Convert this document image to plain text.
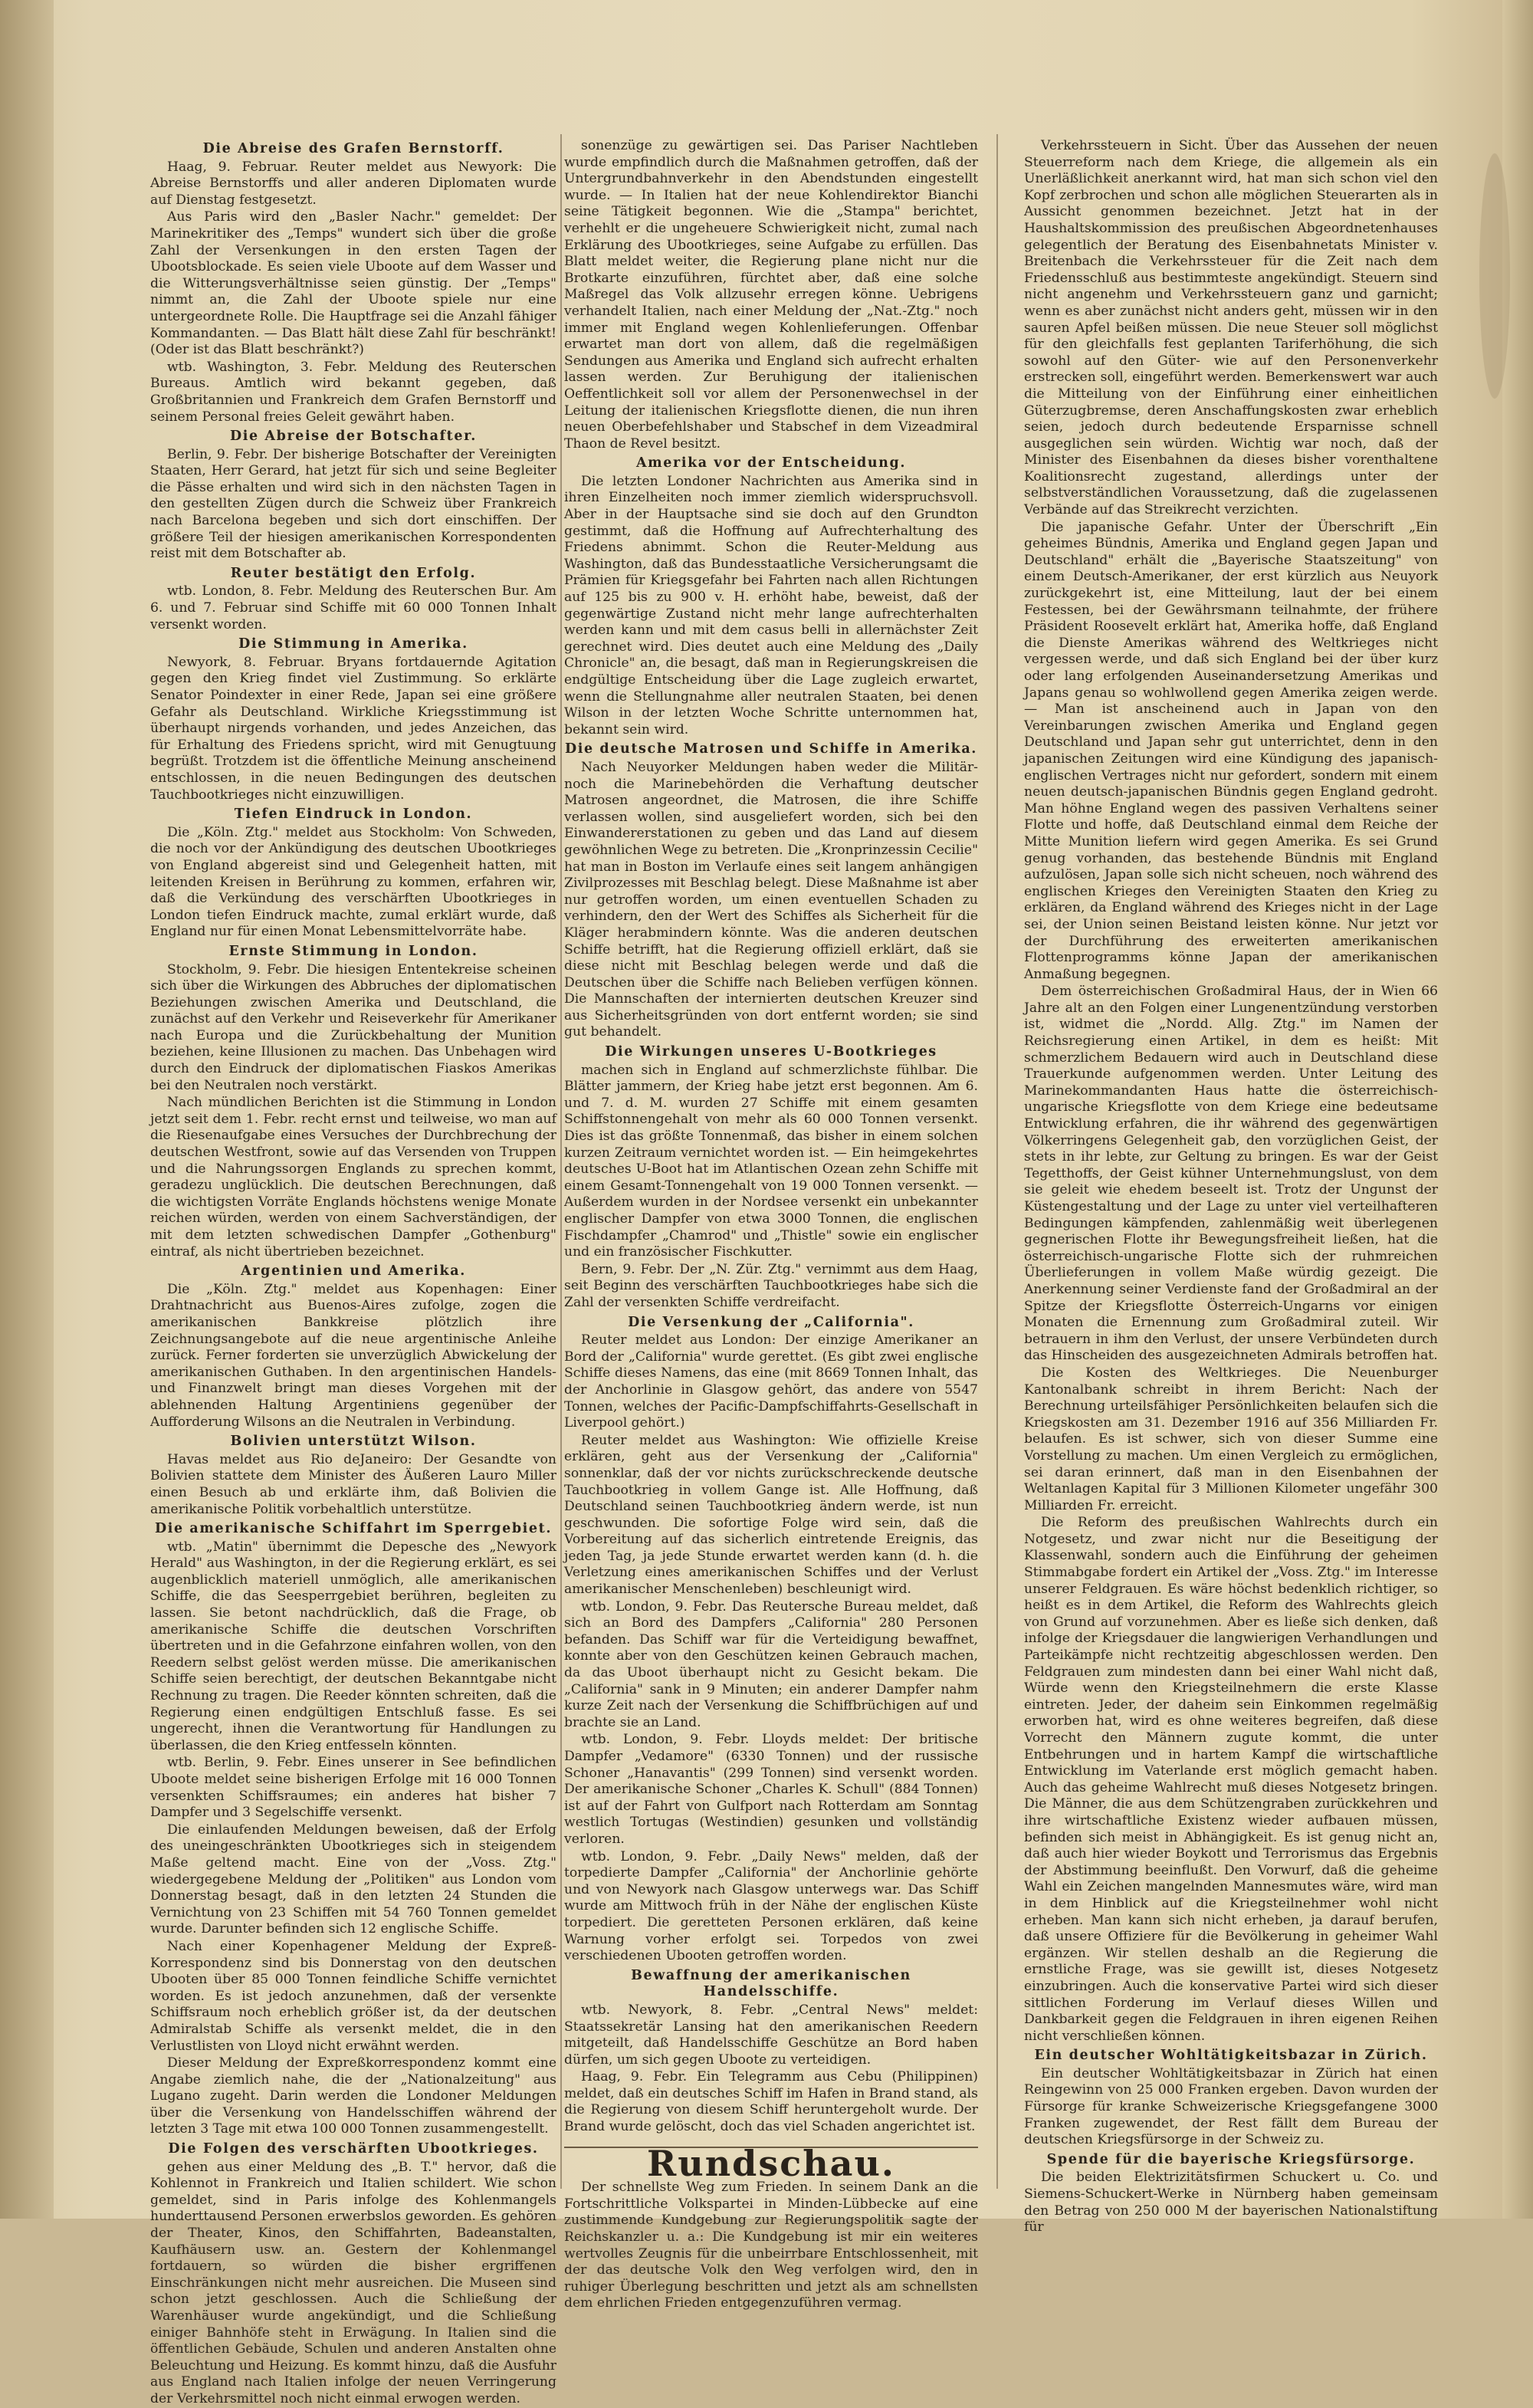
Die Abreise des Grafen Bernstorff.
Haag, 9. Februar. Reuter meldet aus Newyork: Die Abreise Bernstorffs und aller anderen Diplomaten wurde auf Dienstag festgesetzt.
Aus Paris wird den „Basler Nachr." gemeldet: Der Marinekritiker des „Temps" wundert sich über die große Zahl der Versenkungen in den ersten Tagen der Ubootsblockade. Es seien viele Uboote auf dem Wasser und die Witterungsverhältnisse seien günstig. Der „Temps" nimmt an, die Zahl der Uboote spiele nur eine untergeordnete Rolle. Die Hauptfrage sei die Anzahl fähiger Kommandanten. — Das Blatt hält diese Zahl für beschränkt! (Oder ist das Blatt beschränkt?)
wtb. Washington, 3. Febr. Meldung des Reuterschen Bureaus. Amtlich wird bekannt gegeben, daß Großbritannien und Frankreich dem Grafen Bernstorff und seinem Personal freies Geleit gewährt haben.
Die Abreise der Botschafter.
Berlin, 9. Febr. Der bisherige Botschafter der Vereinigten Staaten, Herr Gerard, hat jetzt für sich und seine Begleiter die Pässe erhalten und wird sich in den nächsten Tagen in den gestellten Zügen durch die Schweiz über Frankreich nach Barcelona begeben und sich dort einschiffen. Der größere Teil der hiesigen amerikanischen Korrespondenten reist mit dem Botschafter ab.
Reuter bestätigt den Erfolg.
wtb. London, 8. Febr. Meldung des Reuterschen Bur. Am 6. und 7. Februar sind Schiffe mit 60 000 Tonnen Inhalt versenkt worden.
Die Stimmung in Amerika.
Newyork, 8. Februar. Bryans fortdauernde Agitation gegen den Krieg findet viel Zustimmung. So erklärte Senator Poindexter in einer Rede, Japan sei eine größere Gefahr als Deutschland. Wirkliche Kriegsstimmung ist überhaupt nirgends vorhanden, und jedes Anzeichen, das für Erhaltung des Friedens spricht, wird mit Genugtuung begrüßt. Trotzdem ist die öffentliche Meinung anscheinend entschlossen, in die neuen Bedingungen des deutschen Tauchbootkrieges nicht einzuwilligen.
Tiefen Eindruck in London.
Die „Köln. Ztg." meldet aus Stockholm: Von Schweden, die noch vor der Ankündigung des deutschen Ubootkrieges von England abgereist sind und Gelegenheit hatten, mit leitenden Kreisen in Berührung zu kommen, erfahren wir, daß die Verkündung des verschärften Ubootkrieges in London tiefen Eindruck machte, zumal erklärt wurde, daß England nur für einen Monat Lebensmittelvorräte habe.
Ernste Stimmung in London.
Stockholm, 9. Febr. Die hiesigen Ententekreise scheinen sich über die Wirkungen des Abbruches der diplomatischen Beziehungen zwischen Amerika und Deutschland, die zunächst auf den Verkehr und Reiseverkehr für Amerikaner nach Europa und die Zurückbehaltung der Munition beziehen, keine Illusionen zu machen. Das Unbehagen wird durch den Eindruck der diplomatischen Fiaskos Amerikas bei den Neutralen noch verstärkt.
Nach mündlichen Berichten ist die Stimmung in London jetzt seit dem 1. Febr. recht ernst und teilweise, wo man auf die Riesenaufgabe eines Versuches der Durchbrechung der deutschen Westfront, sowie auf das Versenden von Truppen und die Nahrungssorgen Englands zu sprechen kommt, geradezu unglücklich. Die deutschen Berechnungen, daß die wichtigsten Vorräte Englands höchstens wenige Monate reichen würden, werden von einem Sachverständigen, der mit dem letzten schwedischen Dampfer „Gothenburg" eintraf, als nicht übertrieben bezeichnet.
Argentinien und Amerika.
Die „Köln. Ztg." meldet aus Kopenhagen: Einer Drahtnachricht aus Buenos-Aires zufolge, zogen die amerikanischen Bankkreise plötzlich ihre Zeichnungsangebote auf die neue argentinische Anleihe zurück. Ferner forderten sie unverzüglich Abwickelung der amerikanischen Guthaben. In den argentinischen Handels- und Finanzwelt bringt man dieses Vorgehen mit der ablehnenden Haltung Argentiniens gegenüber der Aufforderung Wilsons an die Neutralen in Verbindung.
Bolivien unterstützt Wilson.
Havas meldet aus Rio deJaneiro: Der Gesandte von Bolivien stattete dem Minister des Äußeren Lauro Miller einen Besuch ab und erklärte ihm, daß Bolivien die amerikanische Politik vorbehaltlich unterstütze.
Die amerikanische Schiffahrt im Sperrgebiet.
wtb. „Matin" übernimmt die Depesche des „Newyork Herald" aus Washington, in der die Regierung erklärt, es sei augenblicklich materiell unmöglich, alle amerikanischen Schiffe, die das Seesperrgebiet berühren, begleiten zu lassen. Sie betont nachdrücklich, daß die Frage, ob amerikanische Schiffe die deutschen Vorschriften übertreten und in die Gefahrzone einfahren wollen, von den Reedern selbst gelöst werden müsse. Die amerikanischen Schiffe seien berechtigt, der deutschen Bekanntgabe nicht Rechnung zu tragen. Die Reeder könnten schreiten, daß die Regierung einen endgültigen Entschluß fasse. Es sei ungerecht, ihnen die Verantwortung für Handlungen zu überlassen, die den Krieg entfesseln könnten.
wtb. Berlin, 9. Febr. Eines unserer in See befindlichen Uboote meldet seine bisherigen Erfolge mit 16 000 Tonnen versenkten Schiffsraumes; ein anderes hat bisher 7 Dampfer und 3 Segelschiffe versenkt.
Die einlaufenden Meldungen beweisen, daß der Erfolg des uneingeschränkten Ubootkrieges sich in steigendem Maße geltend macht. Eine von der „Voss. Ztg." wiedergegebene Meldung der „Politiken" aus London vom Donnerstag besagt, daß in den letzten 24 Stunden die Vernichtung von 23 Schiffen mit 54 760 Tonnen gemeldet wurde. Darunter befinden sich 12 englische Schiffe.
Nach einer Kopenhagener Meldung der Expreß-Korrespondenz sind bis Donnerstag von den deutschen Ubooten über 85 000 Tonnen feindliche Schiffe vernichtet worden. Es ist jedoch anzunehmen, daß der versenkte Schiffsraum noch erheblich größer ist, da der deutschen Admiralstab Schiffe als versenkt meldet, die in den Verlustlisten von Lloyd nicht erwähnt werden.
Dieser Meldung der Expreßkorrespondenz kommt eine Angabe ziemlich nahe, die der „Nationalzeitung" aus Lugano zugeht. Darin werden die Londoner Meldungen über die Versenkung von Handelsschiffen während der letzten 3 Tage mit etwa 100 000 Tonnen zusammengestellt.
Die Folgen des verschärften Ubootkrieges.
gehen aus einer Meldung des „B. T." hervor, daß die Kohlennot in Frankreich und Italien schildert. Wie schon gemeldet, sind in Paris infolge des Kohlenmangels hunderttausend Personen erwerbslos geworden. Es gehören der Theater, Kinos, den Schiffahrten, Badeanstalten, Kaufhäusern usw. an. Gestern der Kohlenmangel fortdauern, so würden die bisher ergriffenen Einschränkungen nicht mehr ausreichen. Die Museen sind schon jetzt geschlossen. Auch die Schließung der Warenhäuser wurde angekündigt, und die Schließung einiger Bahnhöfe steht in Erwägung. In Italien sind die öffentlichen Gebäude, Schulen und anderen Anstalten ohne Beleuchtung und Heizung. Es kommt hinzu, daß die Ausfuhr aus England nach Italien infolge der neuen Verringerung der Verkehrsmittel noch nicht einmal erwogen werden.
sonenzüge zu gewärtigen sei. Das Pariser Nachtleben wurde empfindlich durch die Maßnahmen getroffen, daß der Untergrundbahnverkehr in den Abendstunden eingestellt wurde. — In Italien hat der neue Kohlendirektor Bianchi seine Tätigkeit begonnen. Wie die „Stampa" berichtet, verhehlt er die ungeheuere Schwierigkeit nicht, zumal nach Erklärung des Ubootkrieges, seine Aufgabe zu erfüllen. Das Blatt meldet weiter, die Regierung plane nicht nur die Brotkarte einzuführen, fürchtet aber, daß eine solche Maßregel das Volk allzusehr erregen könne. Uebrigens verhandelt Italien, nach einer Meldung der „Nat.-Ztg." noch immer mit England wegen Kohlenlieferungen. Offenbar erwartet man dort von allem, daß die regelmäßigen Sendungen aus Amerika und England sich aufrecht erhalten lassen werden. Zur Beruhigung der italienischen Oeffentlichkeit soll vor allem der Personenwechsel in der Leitung der italienischen Kriegsflotte dienen, die nun ihren neuen Oberbefehlshaber und Stabschef in dem Vizeadmiral Thaon de Revel besitzt.
Amerika vor der Entscheidung.
Die letzten Londoner Nachrichten aus Amerika sind in ihren Einzelheiten noch immer ziemlich widerspruchsvoll. Aber in der Hauptsache sind sie doch auf den Grundton gestimmt, daß die Hoffnung auf Aufrechterhaltung des Friedens abnimmt. Schon die Reuter-Meldung aus Washington, daß das Bundesstaatliche Versicherungsamt die Prämien für Kriegsgefahr bei Fahrten nach allen Richtungen auf 125 bis zu 900 v. H. erhöht habe, beweist, daß der gegenwärtige Zustand nicht mehr lange aufrechterhalten werden kann und mit dem casus belli in allernächster Zeit gerechnet wird. Dies deutet auch eine Meldung des „Daily Chronicle" an, die besagt, daß man in Regierungskreisen die endgültige Entscheidung über die Lage zugleich erwartet, wenn die Stellungnahme aller neutralen Staaten, bei denen Wilson in der letzten Woche Schritte unternommen hat, bekannt sein wird.
Die deutsche Matrosen und Schiffe in Amerika.
Nach Neuyorker Meldungen haben weder die Militär- noch die Marinebehörden die Verhaftung deutscher Matrosen angeordnet, die Matrosen, die ihre Schiffe verlassen wollen, sind ausgeliefert worden, sich bei den Einwandererstationen zu geben und das Land auf diesem gewöhnlichen Wege zu betreten. Die „Kronprinzessin Cecilie" hat man in Boston im Verlaufe eines seit langem anhängigen Zivilprozesses mit Beschlag belegt. Diese Maßnahme ist aber nur getroffen worden, um einen eventuellen Schaden zu verhindern, den der Wert des Schiffes als Sicherheit für die Kläger herabmindern könnte. Was die anderen deutschen Schiffe betrifft, hat die Regierung offiziell erklärt, daß sie diese nicht mit Beschlag belegen werde und daß die Deutschen über die Schiffe nach Belieben verfügen können. Die Mannschaften der internierten deutschen Kreuzer sind aus Sicherheitsgründen von dort entfernt worden; sie sind gut behandelt.
Die Wirkungen unseres U-Bootkrieges
machen sich in England auf schmerzlichste fühlbar. Die Blätter jammern, der Krieg habe jetzt erst begonnen. Am 6. und 7. d. M. wurden 27 Schiffe mit einem gesamten Schiffstonnengehalt von mehr als 60 000 Tonnen versenkt. Dies ist das größte Tonnenmaß, das bisher in einem solchen kurzen Zeitraum vernichtet worden ist. — Ein heimgekehrtes deutsches U-Boot hat im Atlantischen Ozean zehn Schiffe mit einem Gesamt-Tonnengehalt von 19 000 Tonnen versenkt. — Außerdem wurden in der Nordsee versenkt ein unbekannter englischer Dampfer von etwa 3000 Tonnen, die englischen Fischdampfer „Chamrod" und „Thistle" sowie ein englischer und ein französischer Fischkutter.
Bern, 9. Febr. Der „N. Zür. Ztg." vernimmt aus dem Haag, seit Beginn des verschärften Tauchbootkrieges habe sich die Zahl der versenkten Schiffe verdreifacht.
Die Versenkung der „California".
Reuter meldet aus London: Der einzige Amerikaner an Bord der „California" wurde gerettet. (Es gibt zwei englische Schiffe dieses Namens, das eine (mit 8669 Tonnen Inhalt, das der Anchorlinie in Glasgow gehört, das andere von 5547 Tonnen, welches der Pacific-Dampfschiffahrts-Gesellschaft in Liverpool gehört.)
Reuter meldet aus Washington: Wie offizielle Kreise erklären, geht aus der Versenkung der „California" sonnenklar, daß der vor nichts zurückschreckende deutsche Tauchbootkrieg in vollem Gange ist. Alle Hoffnung, daß Deutschland seinen Tauchbootkrieg ändern werde, ist nun geschwunden. Die sofortige Folge wird sein, daß die Vorbereitung auf das sicherlich eintretende Ereignis, das jeden Tag, ja jede Stunde erwartet werden kann (d. h. die Verletzung eines amerikanischen Schiffes und der Verlust amerikanischer Menschenleben) beschleunigt wird.
wtb. London, 9. Febr. Das Reutersche Bureau meldet, daß sich an Bord des Dampfers „California" 280 Personen befanden. Das Schiff war für die Verteidigung bewaffnet, konnte aber von den Geschützen keinen Gebrauch machen, da das Uboot überhaupt nicht zu Gesicht bekam. Die „California" sank in 9 Minuten; ein anderer Dampfer nahm kurze Zeit nach der Versenkung die Schiffbrüchigen auf und brachte sie an Land.
wtb. London, 9. Febr. Lloyds meldet: Der britische Dampfer „Vedamore" (6330 Tonnen) und der russische Schoner „Hanavantis" (299 Tonnen) sind versenkt worden. Der amerikanische Schoner „Charles K. Schull" (884 Tonnen) ist auf der Fahrt von Gulfport nach Rotterdam am Sonntag westlich Tortugas (Westindien) gesunken und vollständig verloren.
wtb. London, 9. Febr. „Daily News" melden, daß der torpedierte Dampfer „California" der Anchorlinie gehörte und von Newyork nach Glasgow unterwegs war. Das Schiff wurde am Mittwoch früh in der Nähe der englischen Küste torpediert. Die geretteten Personen erklären, daß keine Warnung vorher erfolgt sei. Torpedos von zwei verschiedenen Ubooten getroffen worden.
Bewaffnung der amerikanischen Handelsschiffe.
wtb. Newyork, 8. Febr. „Central News" meldet: Staatssekretär Lansing hat den amerikanischen Reedern mitgeteilt, daß Handelsschiffe Geschütze an Bord haben dürfen, um sich gegen Uboote zu verteidigen.
Haag, 9. Febr. Ein Telegramm aus Cebu (Philippinen) meldet, daß ein deutsches Schiff im Hafen in Brand stand, als die Regierung von diesem Schiff heruntergeholt wurde. Der Brand wurde gelöscht, doch das viel Schaden angerichtet ist.
Rundschau.
Der schnellste Weg zum Frieden. In seinem Dank an die Fortschrittliche Volkspartei in Minden-Lübbecke auf eine zustimmende Kundgebung zur Regierungspolitik sagte der Reichskanzler u. a.: Die Kundgebung ist mir ein weiteres wertvolles Zeugnis für die unbeirrbare Entschlossenheit, mit der das deutsche Volk den Weg verfolgen wird, den in ruhiger Überlegung beschritten und jetzt als am schnellsten dem ehrlichen Frieden entgegenzuführen vermag.
Verkehrssteuern in Sicht. Über das Aussehen der neuen Steuerreform nach dem Kriege, die allgemein als ein Unerläßlichkeit anerkannt wird, hat man sich schon viel den Kopf zerbrochen und schon alle möglichen Steuerarten als in Aussicht genommen bezeichnet. Jetzt hat in der Haushaltskommission des preußischen Abgeordnetenhauses gelegentlich der Beratung des Eisenbahnetats Minister v. Breitenbach die Verkehrssteuer für die Zeit nach dem Friedensschluß aus bestimmteste angekündigt. Steuern sind nicht angenehm und Verkehrssteuern ganz und garnicht; wenn es aber zunächst nicht anders geht, müssen wir in den sauren Apfel beißen müssen. Die neue Steuer soll möglichst für den gleichfalls fest geplanten Tariferhöhung, die sich sowohl auf den Güter- wie auf den Personenverkehr erstrecken soll, eingeführt werden. Bemerkenswert war auch die Mitteilung von der Einführung einer einheitlichen Güterzugbremse, deren Anschaffungskosten zwar erheblich seien, jedoch durch bedeutende Ersparnisse schnell ausgeglichen sein würden. Wichtig war noch, daß der Minister des Eisenbahnen da dieses bisher vorenthaltene Koalitionsrecht zugestand, allerdings unter der selbstverständlichen Voraussetzung, daß die zugelassenen Verbände auf das Streikrecht verzichten.
Die japanische Gefahr. Unter der Überschrift „Ein geheimes Bündnis, Amerika und England gegen Japan und Deutschland" erhält die „Bayerische Staatszeitung" von einem Deutsch-Amerikaner, der erst kürzlich aus Neuyork zurückgekehrt ist, eine Mitteilung, laut der bei einem Festessen, bei der Gewährsmann teilnahmte, der frühere Präsident Roosevelt erklärt hat, Amerika hoffe, daß England die Dienste Amerikas während des Weltkrieges nicht vergessen werde, und daß sich England bei der über kurz oder lang erfolgenden Auseinandersetzung Amerikas und Japans genau so wohlwollend gegen Amerika zeigen werde. — Man ist anscheinend auch in Japan von den Vereinbarungen zwischen Amerika und England gegen Deutschland und Japan sehr gut unterrichtet, denn in den japanischen Zeitungen wird eine Kündigung des japanisch-englischen Vertrages nicht nur gefordert, sondern mit einem neuen deutsch-japanischen Bündnis gegen England gedroht. Man höhne England wegen des passiven Verhaltens seiner Flotte und hoffe, daß Deutschland einmal dem Reiche der Mitte Munition liefern wird gegen Amerika. Es sei Grund genug vorhanden, das bestehende Bündnis mit England aufzulösen, Japan solle sich nicht scheuen, noch während des englischen Krieges den Vereinigten Staaten den Krieg zu erklären, da England während des Krieges nicht in der Lage sei, der Union seinen Beistand leisten könne. Nur jetzt vor der Durchführung des erweiterten amerikanischen Flottenprogramms könne Japan der amerikanischen Anmaßung begegnen.
Dem österreichischen Großadmiral Haus, der in Wien 66 Jahre alt an den Folgen einer Lungenentzündung verstorben ist, widmet die „Nordd. Allg. Ztg." im Namen der Reichsregierung einen Artikel, in dem es heißt: Mit schmerzlichem Bedauern wird auch in Deutschland diese Trauerkunde aufgenommen werden. Unter Leitung des Marinekommandanten Haus hatte die österreichisch-ungarische Kriegsflotte von dem Kriege eine bedeutsame Entwicklung erfahren, die ihr während des gegenwärtigen Völkerringens Gelegenheit gab, den vorzüglichen Geist, der stets in ihr lebte, zur Geltung zu bringen. Es war der Geist Tegetthoffs, der Geist kühner Unternehmungslust, von dem sie geleit wie ehedem beseelt ist. Trotz der Ungunst der Küstengestaltung und der Lage zu unter viel verteilhafteren Bedingungen kämpfenden, zahlenmäßig weit überlegenen gegnerischen Flotte ihr Bewegungsfreiheit ließen, hat die österreichisch-ungarische Flotte sich der ruhmreichen Überlieferungen in vollem Maße würdig gezeigt. Die Anerkennung seiner Verdienste fand der Großadmiral an der Spitze der Kriegsflotte Österreich-Ungarns vor einigen Monaten die Ernennung zum Großadmiral zuteil. Wir betrauern in ihm den Verlust, der unsere Verbündeten durch das Hinscheiden des ausgezeichneten Admirals betroffen hat.
Die Kosten des Weltkrieges. Die Neuenburger Kantonalbank schreibt in ihrem Bericht: Nach der Berechnung urteilsfähiger Persönlichkeiten belaufen sich die Kriegskosten am 31. Dezember 1916 auf 356 Milliarden Fr. belaufen. Es ist schwer, sich von dieser Summe eine Vorstellung zu machen. Um einen Vergleich zu ermöglichen, sei daran erinnert, daß man in den Eisenbahnen der Weltanlagen Kapital für 3 Millionen Kilometer ungefähr 300 Milliarden Fr. erreicht.
Die Reform des preußischen Wahlrechts durch ein Notgesetz, und zwar nicht nur die Beseitigung der Klassenwahl, sondern auch die Einführung der geheimen Stimmabgabe fordert ein Artikel der „Voss. Ztg." im Interesse unserer Feldgrauen. Es wäre höchst bedenklich richtiger, so heißt es in dem Artikel, die Reform des Wahlrechts gleich von Grund auf vorzunehmen. Aber es ließe sich denken, daß infolge der Kriegsdauer die langwierigen Verhandlungen und Parteikämpfe nicht rechtzeitig abgeschlossen werden. Den Feldgrauen zum mindesten dann bei einer Wahl nicht daß, Würde wenn den Kriegsteilnehmern die erste Klasse eintreten. Jeder, der daheim sein Einkommen regelmäßig erworben hat, wird es ohne weiteres begreifen, daß diese Vorrecht den Männern zugute kommt, die unter Entbehrungen und in hartem Kampf die wirtschaftliche Entwicklung im Vaterlande erst möglich gemacht haben. Auch das geheime Wahlrecht muß dieses Notgesetz bringen. Die Männer, die aus dem Schützengraben zurückkehren und ihre wirtschaftliche Existenz wieder aufbauen müssen, befinden sich meist in Abhängigkeit. Es ist genug nicht an, daß auch hier wieder Boykott und Terrorismus das Ergebnis der Abstimmung beeinflußt. Den Vorwurf, daß die geheime Wahl ein Zeichen mangelnden Mannesmutes wäre, wird man in dem Hinblick auf die Kriegsteilnehmer wohl nicht erheben. Man kann sich nicht erheben, ja darauf berufen, daß unsere Offiziere für die Bevölkerung in geheimer Wahl ergänzen. Wir stellen deshalb an die Regierung die ernstliche Frage, was sie gewillt ist, dieses Notgesetz einzubringen. Auch die konservative Partei wird sich dieser sittlichen Forderung im Verlauf dieses Willen und Dankbarkeit gegen die Feldgrauen in ihren eigenen Reihen nicht verschließen können.
Ein deutscher Wohltätigkeitsbazar in Zürich.
Ein deutscher Wohltätigkeitsbazar in Zürich hat einen Reingewinn von 25 000 Franken ergeben. Davon wurden der Fürsorge für kranke Schweizerische Kriegsgefangene 3000 Franken zugewendet, der Rest fällt dem Bureau der deutschen Kriegsfürsorge in der Schweiz zu.
Spende für die bayerische Kriegsfürsorge.
Die beiden Elektrizitätsfirmen Schuckert u. Co. und Siemens-Schuckert-Werke in Nürnberg haben gemeinsam den Betrag von 250 000 M der bayerischen Nationalstiftung für
